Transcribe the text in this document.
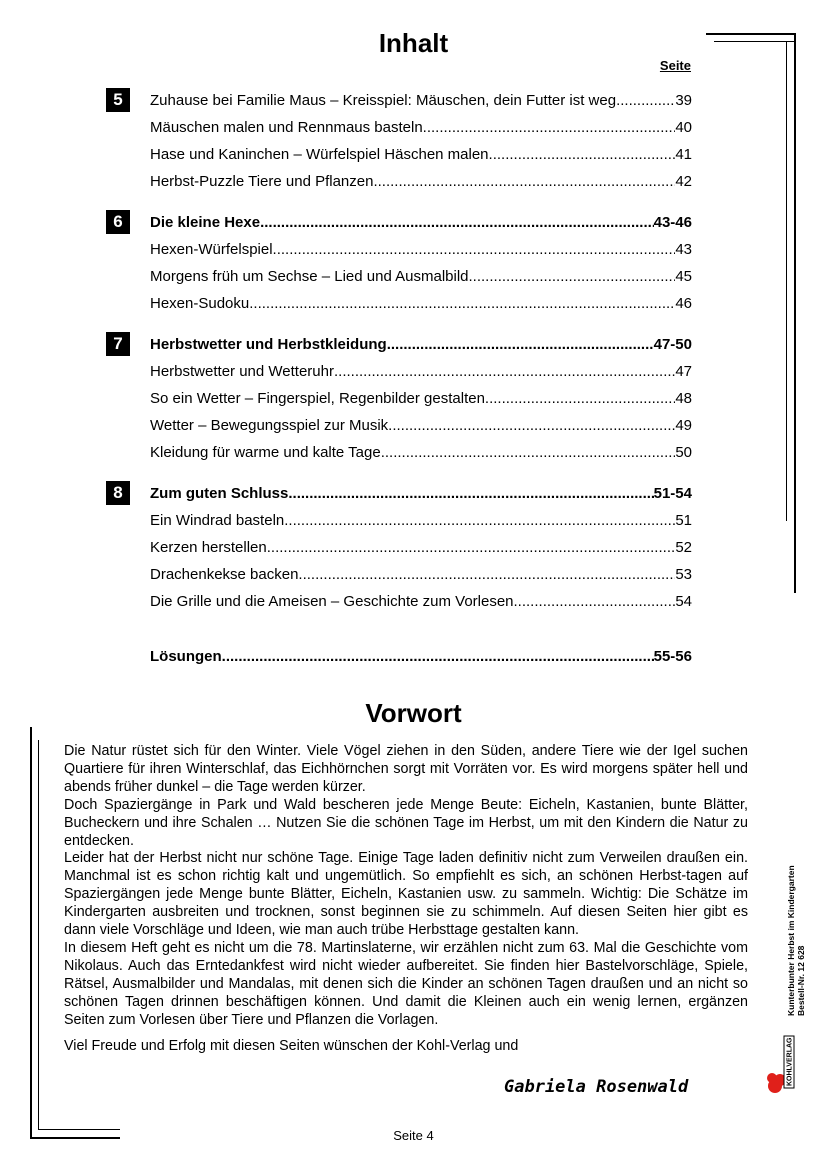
Inhalt
Seite
5	Zuhause bei Familie Maus – Kreisspiel: Mäuschen, dein Futter ist weg .....	39
Mäuschen malen und Rennmaus basteln .....	40
Hase und Kaninchen – Würfelspiel Häschen malen .....	41
Herbst-Puzzle Tiere und Pflanzen .....	42
6	Die kleine Hexe .....	43-46
Hexen-Würfelspiel .....	43
Morgens früh um Sechse – Lied und Ausmalbild .....	45
Hexen-Sudoku .....	46
7	Herbstwetter und Herbstkleidung .....	47-50
Herbstwetter und Wetteruhr .....	47
So ein Wetter – Fingerspiel, Regenbilder gestalten .....	48
Wetter – Bewegungsspiel zur Musik .....	49
Kleidung für warme und kalte Tage .....	50
8	Zum guten Schluss .....	51-54
Ein Windrad basteln .....	51
Kerzen herstellen .....	52
Drachenkekse backen .....	53
Die Grille und die Ameisen – Geschichte zum Vorlesen .....	54
Lösungen .....	55-56
Vorwort

Die Natur rüstet sich für den Winter. Viele Vögel ziehen in den Süden, andere Tiere wie der Igel suchen Quartiere für ihren Winterschlaf, das Eichhörnchen sorgt mit Vorräten vor. Es wird morgens später hell und abends früher dunkel – die Tage werden kürzer.

Doch Spaziergänge in Park und Wald bescheren jede Menge Beute: Eicheln, Kastanien, bunte Blätter, Bucheckern und ihre Schalen … Nutzen Sie die schönen Tage im Herbst, um mit den Kindern die Natur zu entdecken.

Leider hat der Herbst nicht nur schöne Tage. Einige Tage laden definitiv nicht zum Verweilen draußen ein. Manchmal ist es schon richtig kalt und ungemütlich. So empfiehlt es sich, an schönen Herbst-tagen auf Spaziergängen jede Menge bunte Blätter, Eicheln, Kastanien usw. zu sammeln. Wichtig: Die Schätze im Kindergarten ausbreiten und trocknen, sonst beginnen sie zu schimmeln. Auf diesen Seiten hier gibt es dann viele Vorschläge und Ideen, wie man auch trübe Herbsttage gestalten kann.

In diesem Heft geht es nicht um die 78. Martinslaterne, wir erzählen nicht zum 63. Mal die Geschichte vom Nikolaus. Auch das Erntedankfest wird nicht wieder aufbereitet. Sie finden hier Bastelvorschläge, Spiele, Rätsel, Ausmalbilder und Mandalas, mit denen sich die Kinder an schönen Tagen draußen und an nicht so schönen Tagen drinnen beschäftigen können. Und damit die Kleinen auch ein wenig lernen, ergänzen Seiten zum Vorlesen über Tiere und Pflanzen die Vorlagen.

Viel Freude und Erfolg mit diesen Seiten wünschen der Kohl-Verlag und

Gabriela Rosenwald
Kunterbunter Herbst im Kindergarten Bestell-Nr. 12 628
KOHLVERLAG
Seite 4
